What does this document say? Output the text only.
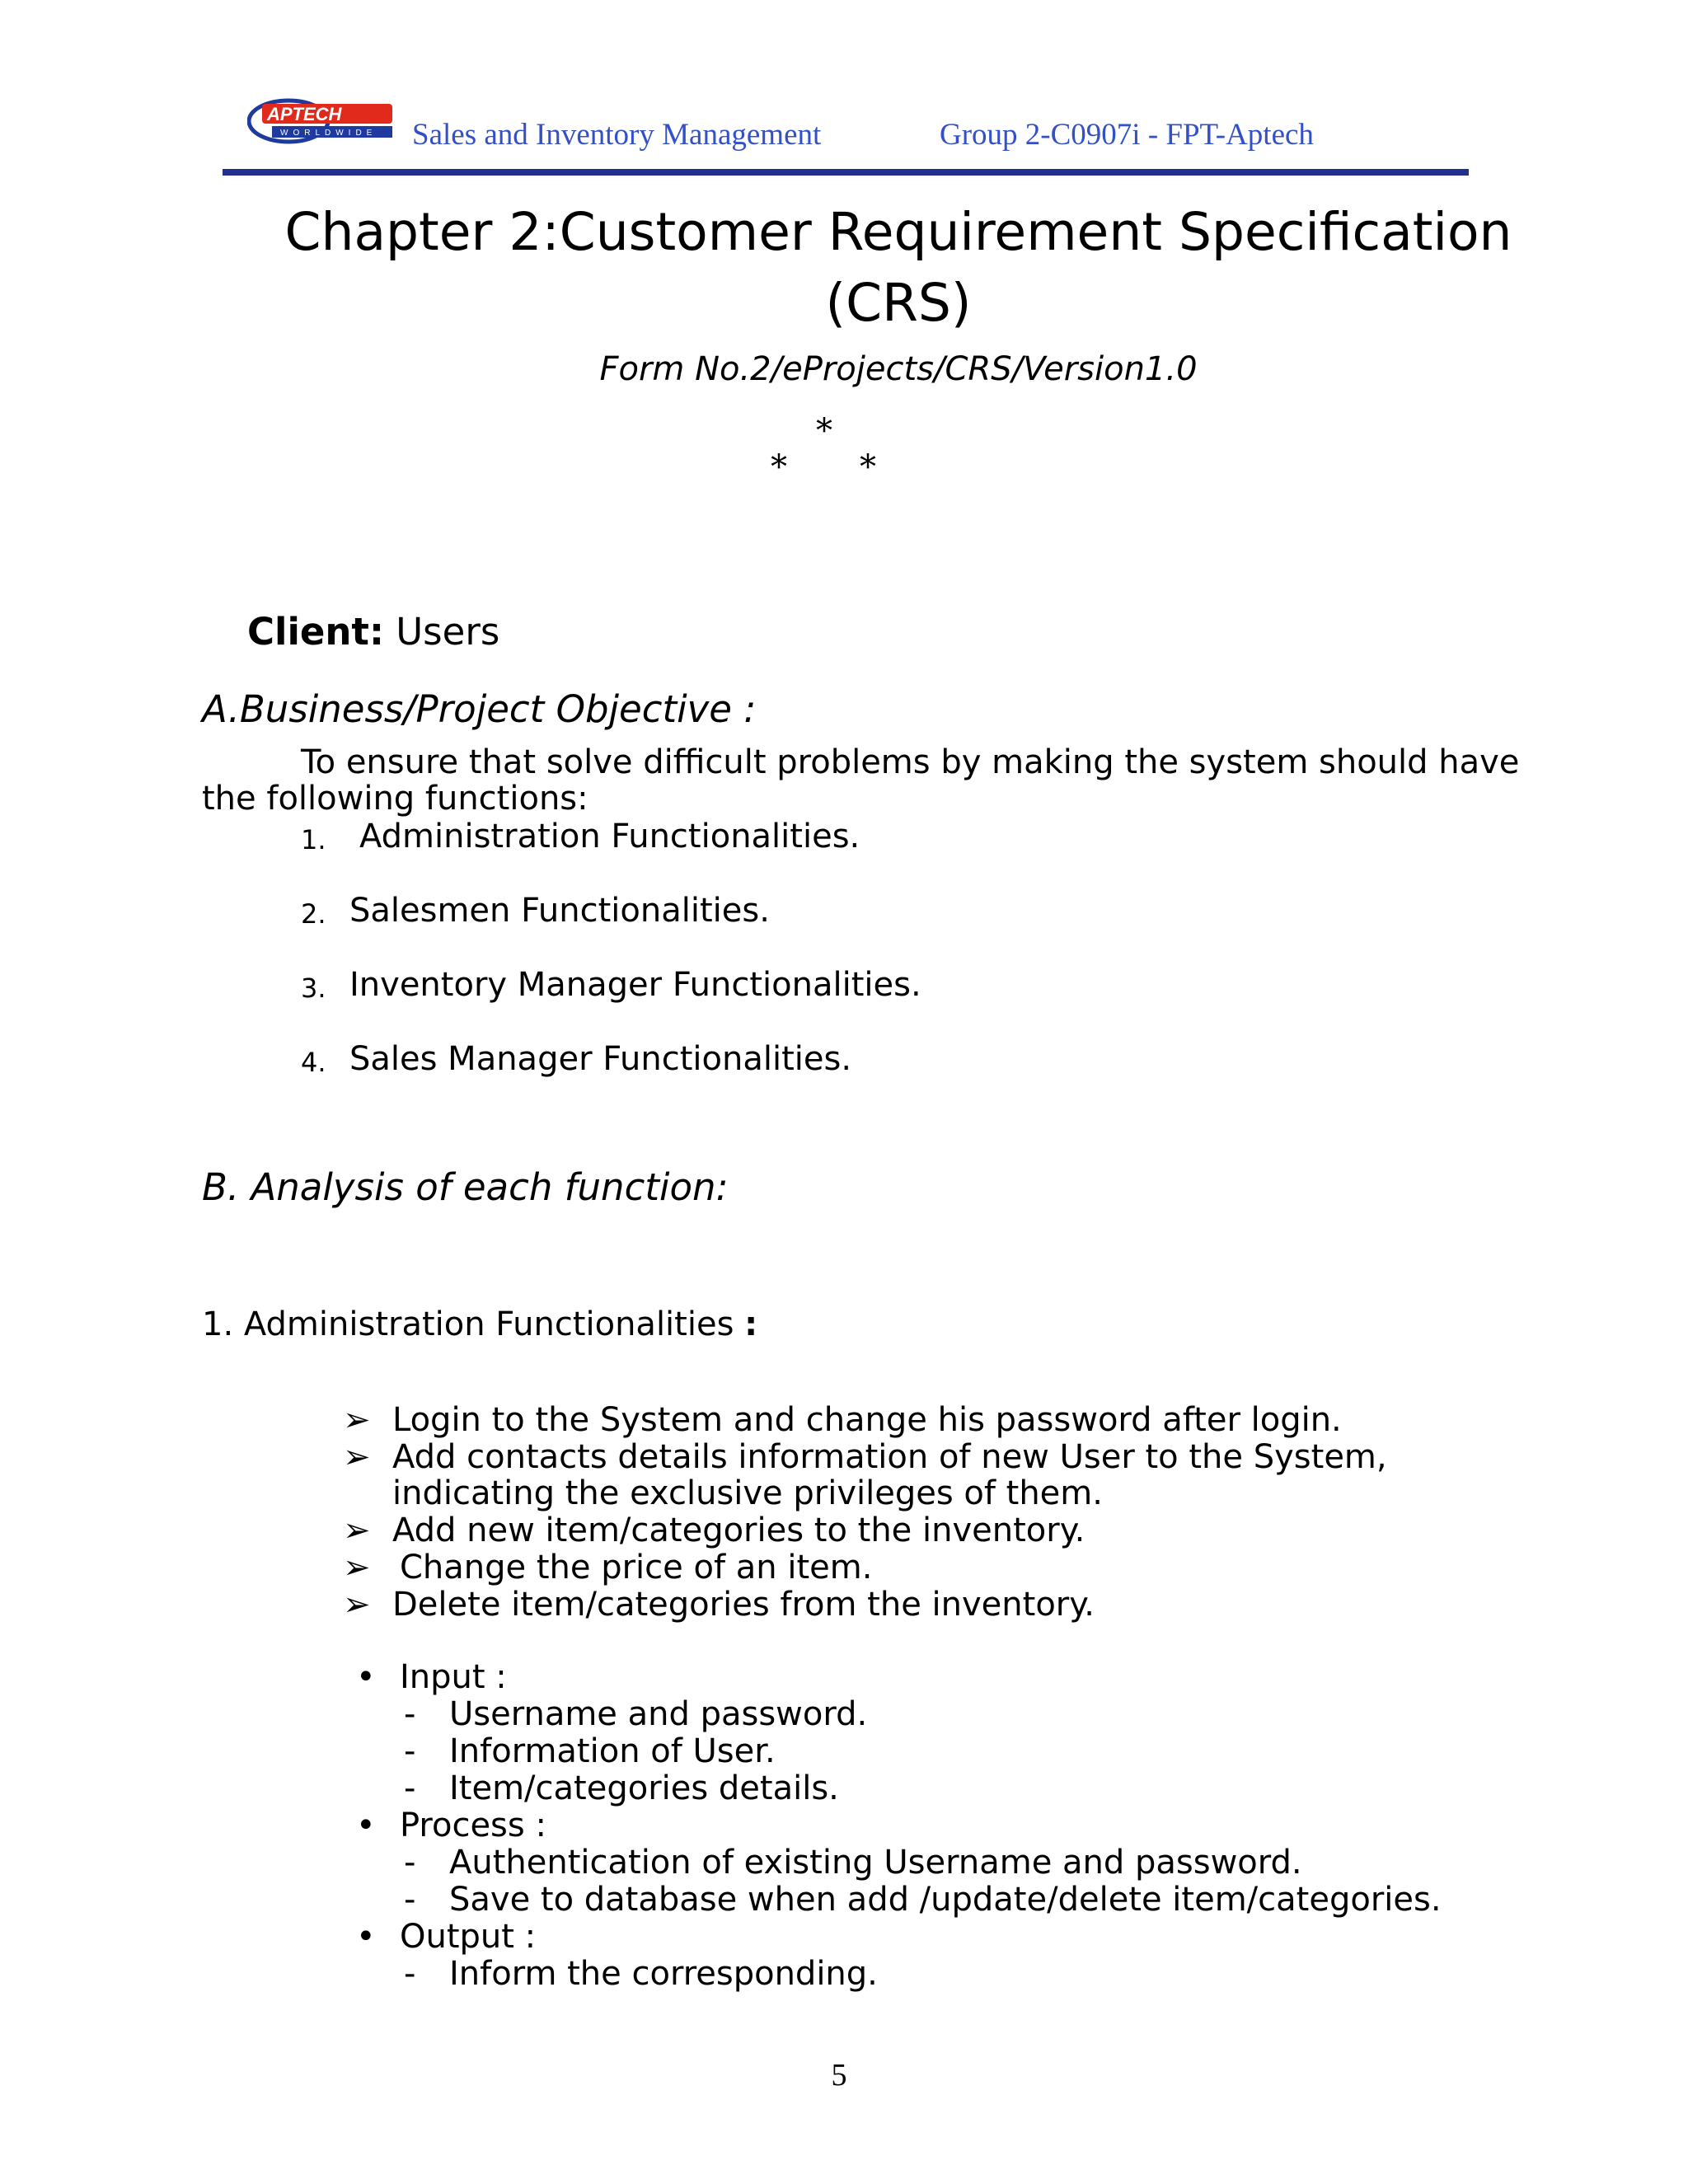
APTECH
WORLDWIDE Sales and Inventory Management	Group 2-C0907i - FPT-Aptech
Chapter 2:Customer Requirement Specification
(CRS)
Form No.2/eProjects/CRS/Version1.0
*
* *
Client: Users
A.Business/Project Objective :
To ensure that solve difficult problems by making the system should have
the following functions:
1. Administration Functionalities.
2. Salesmen Functionalities.
3. Inventory Manager Functionalities.
4. Sales Manager Functionalities.
B. Analysis of each function:
1. Administration Functionalities :
➢ Login to the System and change his password after login.
➢ Add contacts details information of new User to the System,
indicating the exclusive privileges of them.
➢ Add new item/categories to the inventory.
➢ Change the price of an item.
➢ Delete item/categories from the inventory.
• Input :
- Username and password.
- Information of User.
- Item/categories details.
• Process :
- Authentication of existing Username and password.
- Save to database when add /update/delete item/categories.
• Output :
- Inform the corresponding.
5
